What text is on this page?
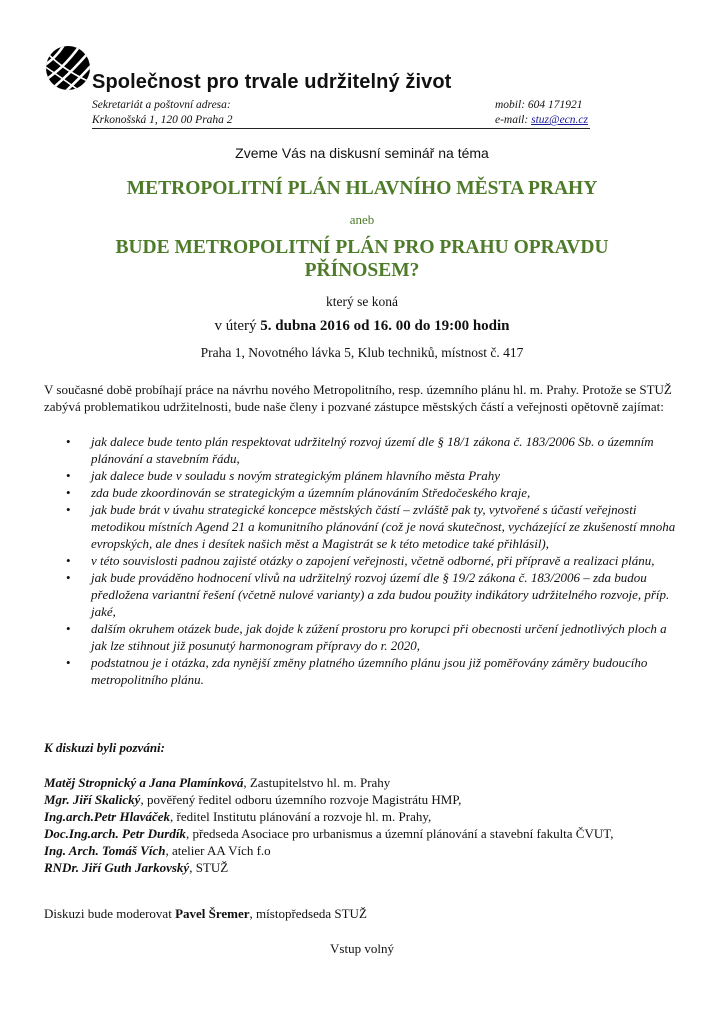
Společnost pro trvale udržitelný život
Sekretariát a poštovní adresa:
Krkonošská 1, 120 00 Praha 2
mobil: 604 171921
e-mail: stuz@ecn.cz
Zveme Vás na diskusní seminář na téma
METROPOLITNÍ PLÁN HLAVNÍHO MĚSTA PRAHY
aneb
BUDE METROPOLITNÍ PLÁN PRO PRAHU OPRAVDU PŘÍNOSEM?
který se koná
v úterý 5. dubna 2016 od 16. 00 do 19:00 hodin
Praha 1, Novotného lávka 5, Klub techniků, místnost č. 417
V současné době probíhají práce na návrhu nového Metropolitního, resp. územního plánu hl. m. Prahy. Protože se STUŽ zabývá problematikou udržitelnosti, bude naše členy i pozvané zástupce městských částí a veřejnosti opětovně zajímat:
• jak dalece bude tento plán respektovat udržitelný rozvoj území dle § 18/1 zákona č. 183/2006 Sb. o územním plánování a stavebním řádu,
• jak dalece bude v souladu s novým strategickým plánem hlavního města Prahy
• zda bude zkoordinován se strategickým a územním plánováním Středočeského kraje,
• jak bude brát v úvahu strategické koncepce městských částí – zvláště pak ty, vytvořené s účastí veřejnosti metodikou místních Agend 21 a komunitního plánování (což je nová skutečnost, vycházející ze zkušeností mnoha evropských, ale dnes i desítek našich měst a Magistrát se k této metodice také přihlásil),
• v této souvislosti padnou zajisté otázky o zapojení veřejnosti, včetně odborné, při přípravě a realizaci plánu,
• jak bude prováděno hodnocení vlivů na udržitelný rozvoj území dle § 19/2 zákona č. 183/2006 – zda budou předložena variantní řešení (včetně nulové varianty) a zda budou použity indikátory udržitelného rozvoje, příp. jaké,
• dalším okruhem otázek bude, jak dojde k zúžení prostoru pro korupci při obecnosti určení jednotlivých ploch a jak lze stihnout již posunutý harmonogram přípravy do r. 2020,
• podstatnou je i otázka, zda nynější změny platného územního plánu jsou již poměřovány záměry budoucího metropolitního plánu.
K diskuzi byli pozváni:
Matěj Stropnický a Jana Plamínková, Zastupitelstvo hl. m. Prahy
Mgr. Jiří Skalický, pověřený ředitel odboru územního rozvoje Magistrátu HMP,
Ing.arch.Petr Hlaváček, ředitel Institutu plánování a rozvoje hl. m. Prahy,
Doc.Ing.arch. Petr Durdík, předseda Asociace pro urbanismus a územní plánování a stavební fakulta ČVUT,
Ing. Arch. Tomáš Vích, atelier AA Vích f.o
RNDr. Jiří Guth Jarkovský, STUŽ
Diskuzi bude moderovat Pavel Šremer, místopředseda STUŽ
Vstup volný
